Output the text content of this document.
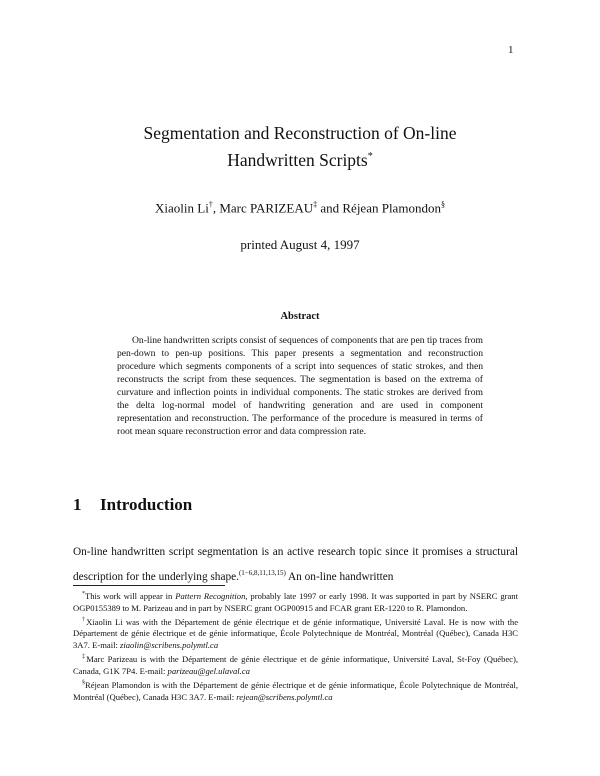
1
Segmentation and Reconstruction of On-line
Handwritten Scripts*
Xiaolin Li†, Marc PARIZEAU‡ and Réjean Plamondon§
printed August 4, 1997
Abstract

On-line handwritten scripts consist of sequences of components that are pen tip traces from pen-down to pen-up positions. This paper presents a segmentation and reconstruction procedure which segments components of a script into sequences of static strokes, and then reconstructs the script from these sequences. The segmentation is based on the extrema of curvature and inflection points in individual components. The static strokes are derived from the delta log-normal model of handwriting generation and are used in component representation and reconstruction. The performance of the procedure is measured in terms of root mean square reconstruction error and data compression rate.

1 Introduction

On-line handwritten script segmentation is an active research topic since it promises a structural description for the underlying shape.$^{(1-6,8,11,13,15)}$ An on-line handwritten

*This work will appear in Pattern Recognition, probably late 1997 or early 1998. It was supported in part by NSERC grant OGP0155389 to M. Parizeau and in part by NSERC grant OGP00915 and FCAR grant ER-1220 to R. Plamondon.

†Xiaolin Li was with the Département de génie électrique et de génie informatique, Université Laval. He is now with the Département de génie électrique et de génie informatique, École Polytechnique de Montréal, Montréal (Québec), Canada H3C 3A7. E-mail: ziaolin@scribens.polymtl.ca

‡Marc Parizeau is with the Département de génie électrique et de génie informatique, Université Laval, St-Foy (Québec), Canada, G1K 7P4. E-mail: parizeau@gel.ulaval.ca

§Réjean Plamondon is with the Département de génie électrique et de génie informatique, École Polytechnique de Montréal, Montréal (Québec), Canada H3C 3A7. E-mail: rejean@scribens.polymtl.ca
